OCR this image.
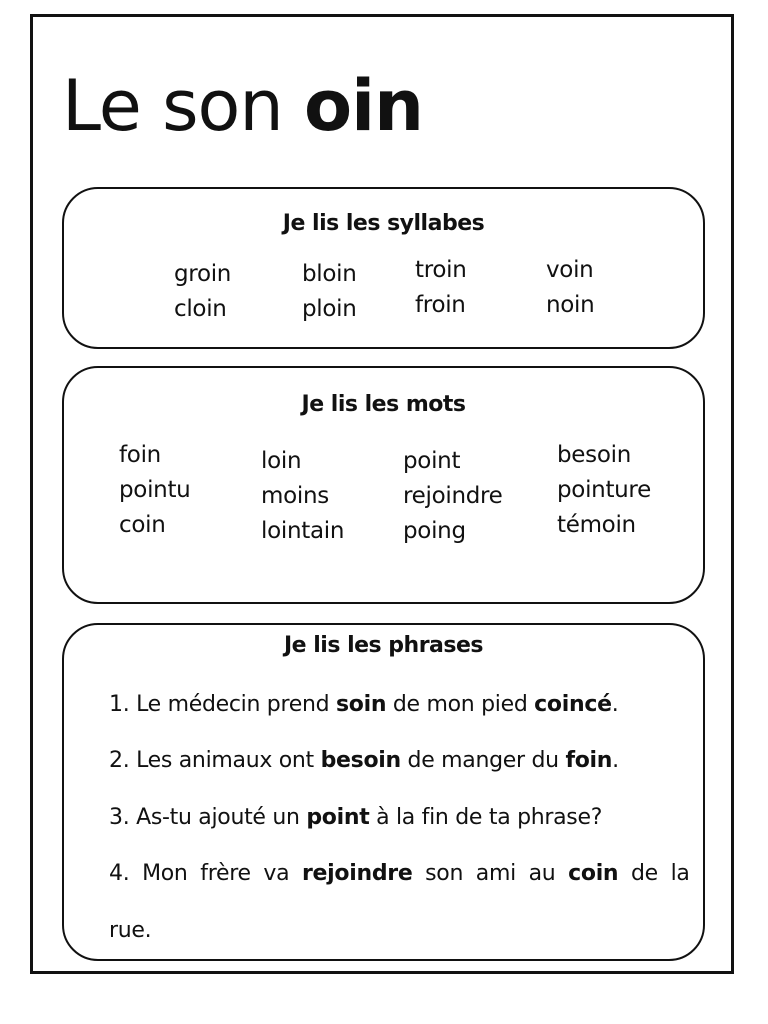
Le son oin
Je lis les syllabes
groin
cloin
bloin
ploin
troin
froin
voin
noin
Je lis les mots
foin
pointu
coin
loin
moins
lointain
point
rejoindre
poing
besoin
pointure
témoin
Je lis les phrases
1. Le médecin prend soin de mon pied coincé.
2. Les animaux ont besoin de manger du foin.
3. As-tu ajouté un point à la fin de ta phrase?
4. Mon frère va rejoindre son ami au coin de la
rue.
